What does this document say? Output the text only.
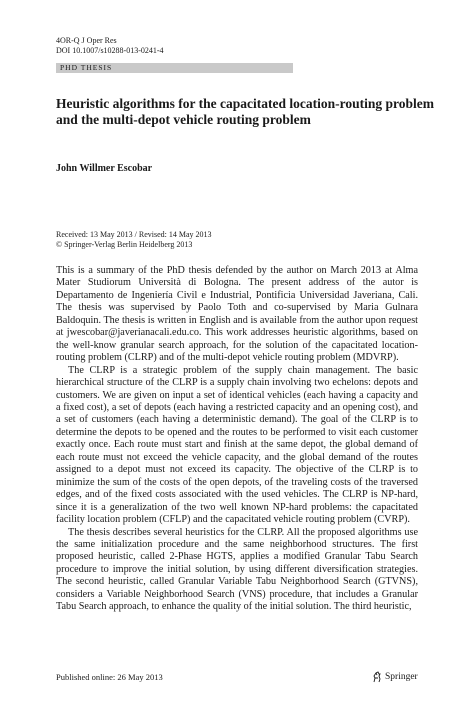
4OR-Q J Oper Res
DOI 10.1007/s10288-013-0241-4
PHD THESIS
Heuristic algorithms for the capacitated location-routing problem and the multi-depot vehicle routing problem
John Willmer Escobar
Received: 13 May 2013 / Revised: 14 May 2013
© Springer-Verlag Berlin Heidelberg 2013

This is a summary of the PhD thesis defended by the author on March 2013 at Alma Mater Studiorum Università di Bologna. The present address of the autor is Departamento de Ingeniería Civil e Industrial, Pontificia Universidad Javeriana, Cali. The thesis was supervised by Paolo Toth and co-supervised by Maria Gulnara Baldoquin. The thesis is written in English and is available from the author upon request at jwescobar@javerianacali.edu.co. This work addresses heuristic algorithms, based on the well-know granular search approach, for the solution of the capacitated location-routing problem (CLRP) and of the multi-depot vehicle routing problem (MDVRP).

The CLRP is a strategic problem of the supply chain management. The basic hierarchical structure of the CLRP is a supply chain involving two echelons: depots and customers. We are given on input a set of identical vehicles (each having a capacity and a fixed cost), a set of depots (each having a restricted capacity and an opening cost), and a set of customers (each having a deterministic demand). The goal of the CLRP is to determine the depots to be opened and the routes to be performed to visit each customer exactly once. Each route must start and finish at the same depot, the global demand of each route must not exceed the vehicle capacity, and the global demand of the routes assigned to a depot must not exceed its capacity. The objective of the CLRP is to minimize the sum of the costs of the open depots, of the traveling costs of the traversed edges, and of the fixed costs associated with the used vehicles. The CLRP is NP-hard, since it is a generalization of the two well known NP-hard problems: the capacitated facility location problem (CFLP) and the capacitated vehicle routing problem (CVRP).

The thesis describes several heuristics for the CLRP. All the proposed algorithms use the same initialization procedure and the same neighborhood structures. The first proposed heuristic, called 2-Phase HGTS, applies a modified Granular Tabu Search procedure to improve the initial solution, by using different diversification strategies. The second heuristic, called Granular Variable Tabu Neighborhood Search (GTVNS), considers a Variable Neighborhood Search (VNS) procedure, that includes a Granular Tabu Search approach, to enhance the quality of the initial solution. The third heuristic,

Published online: 26 May 2013	Springer
